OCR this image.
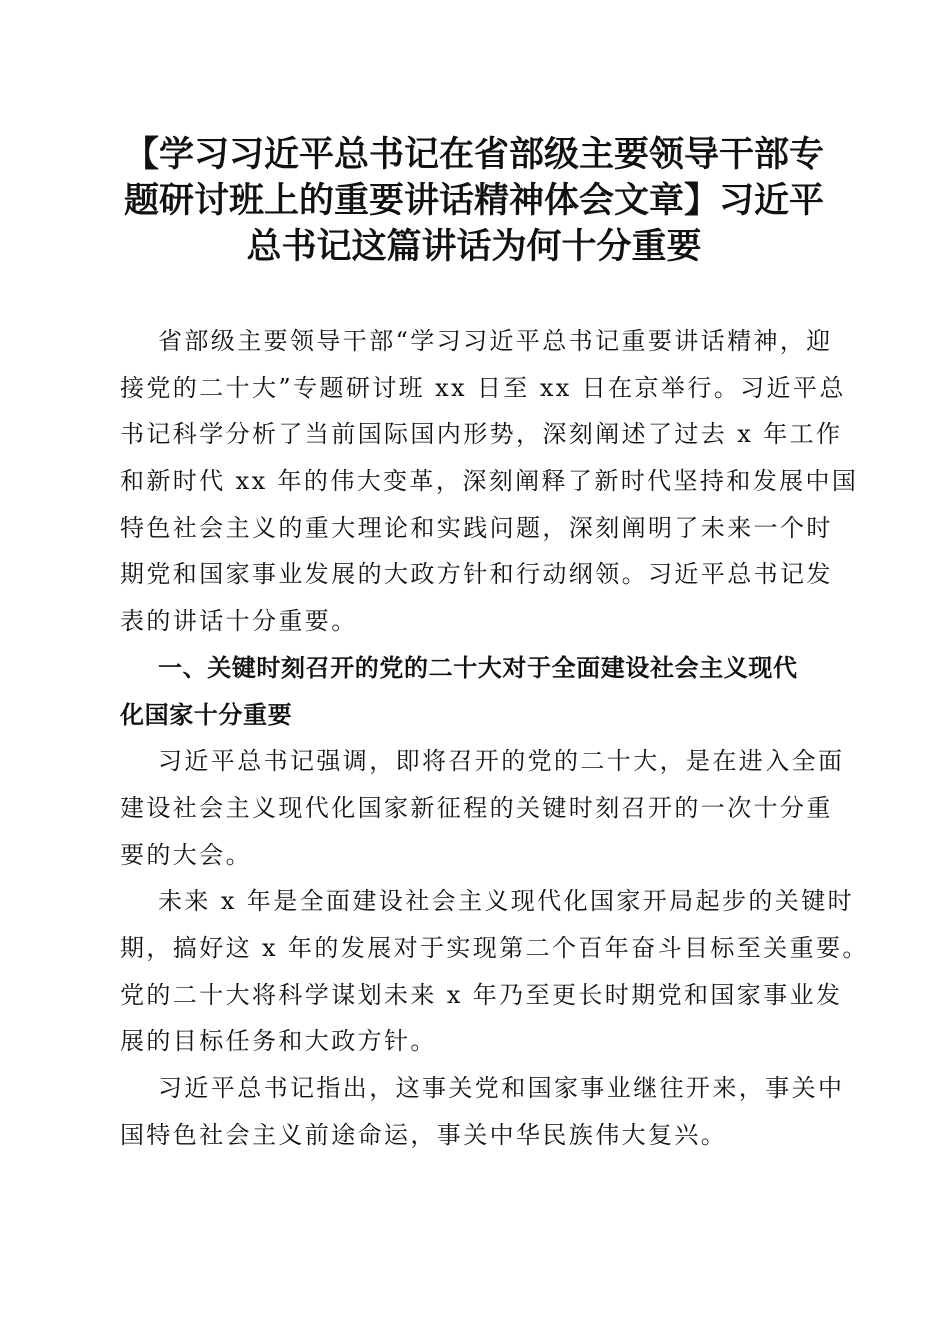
【学习习近平总书记在省部级主要领导干部专
题研讨班上的重要讲话精神体会文章】习近平
总书记这篇讲话为何十分重要
省部级主要领导干部“学习习近平总书记重要讲话精神，迎
接党的二十大”专题研讨班 xx 日至 xx 日在京举行。习近平总
书记科学分析了当前国际国内形势，深刻阐述了过去 x 年工作
和新时代 xx 年的伟大变革，深刻阐释了新时代坚持和发展中国
特色社会主义的重大理论和实践问题，深刻阐明了未来一个时
期党和国家事业发展的大政方针和行动纲领。习近平总书记发
表的讲话十分重要。
一、关键时刻召开的党的二十大对于全面建设社会主义现代
化国家十分重要
习近平总书记强调，即将召开的党的二十大，是在进入全面
建设社会主义现代化国家新征程的关键时刻召开的一次十分重
要的大会。
未来 x 年是全面建设社会主义现代化国家开局起步的关键时
期，搞好这 x 年的发展对于实现第二个百年奋斗目标至关重要。
党的二十大将科学谋划未来 x 年乃至更长时期党和国家事业发
展的目标任务和大政方针。
习近平总书记指出，这事关党和国家事业继往开来，事关中
国特色社会主义前途命运，事关中华民族伟大复兴。
